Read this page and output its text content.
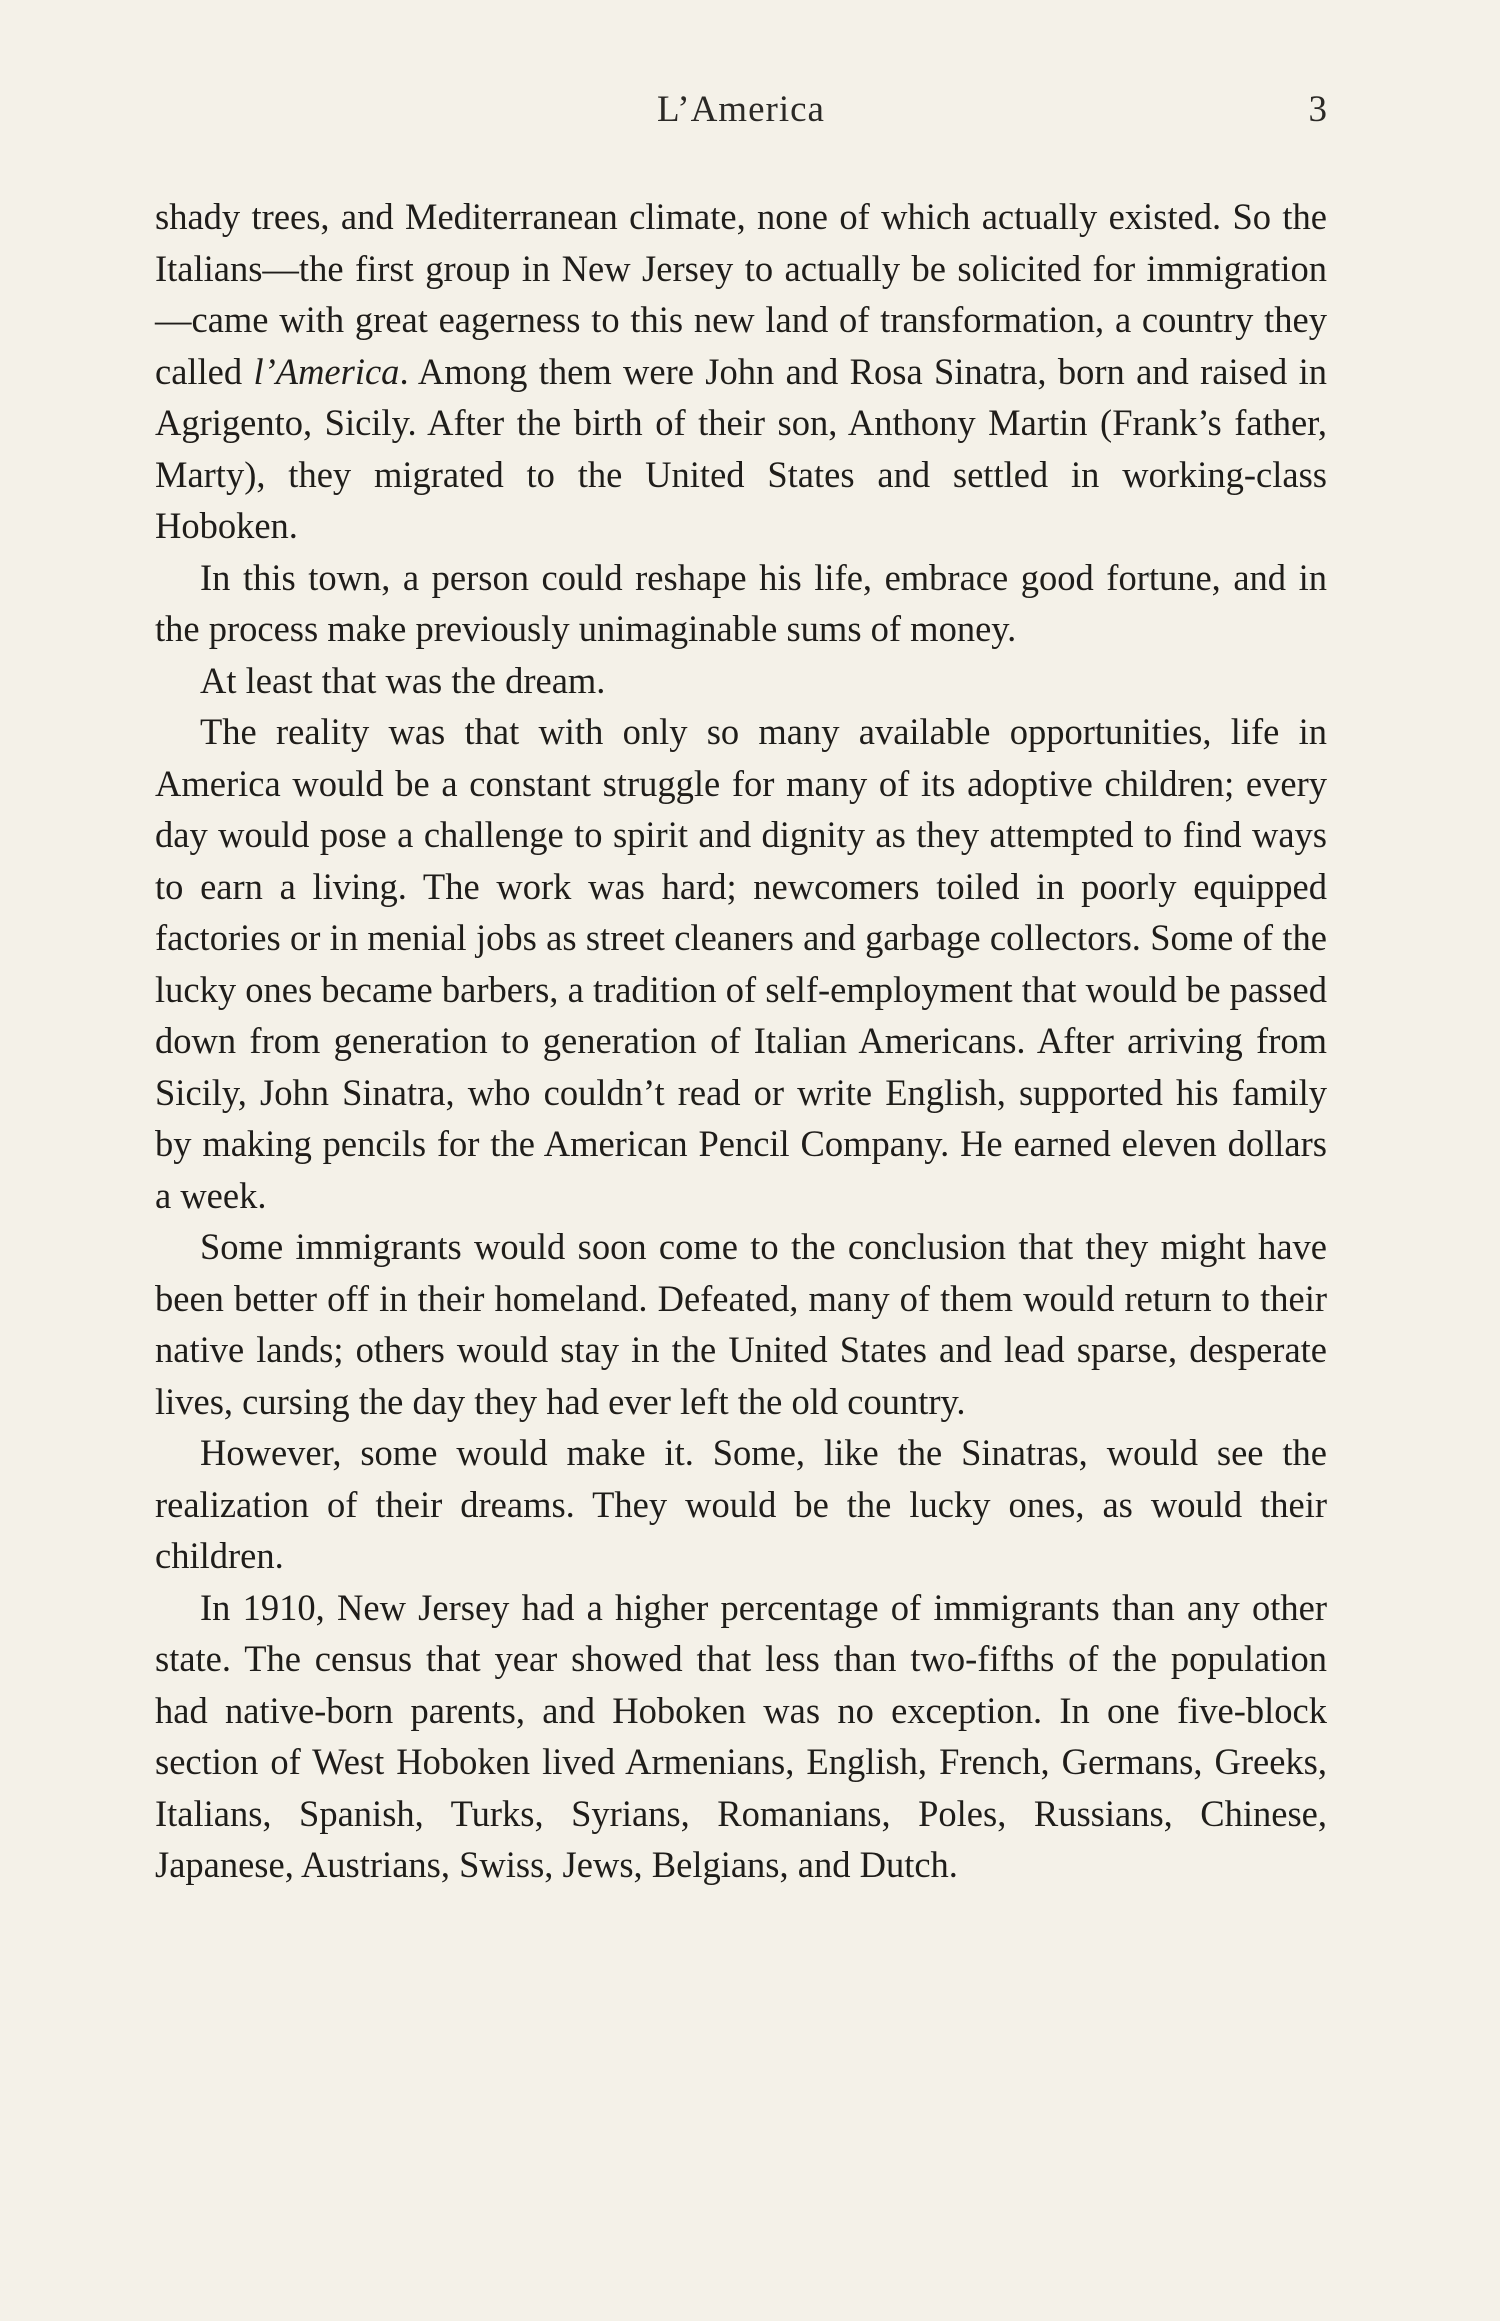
L’America	3

shady trees, and Mediterranean climate, none of which actually existed. So the Italians—the first group in New Jersey to actually be solicited for immigration—came with great eagerness to this new land of transformation, a country they called l’America. Among them were John and Rosa Sinatra, born and raised in Agrigento, Sicily. After the birth of their son, Anthony Martin (Frank’s father, Marty), they migrated to the United States and settled in working-class Hoboken.

In this town, a person could reshape his life, embrace good fortune, and in the process make previously unimaginable sums of money.

At least that was the dream.

The reality was that with only so many available opportunities, life in America would be a constant struggle for many of its adoptive children; every day would pose a challenge to spirit and dignity as they attempted to find ways to earn a living. The work was hard; newcomers toiled in poorly equipped factories or in menial jobs as street cleaners and garbage collectors. Some of the lucky ones became barbers, a tradition of self-employment that would be passed down from generation to generation of Italian Americans. After arriving from Sicily, John Sinatra, who couldn’t read or write English, supported his family by making pencils for the American Pencil Company. He earned eleven dollars a week.

Some immigrants would soon come to the conclusion that they might have been better off in their homeland. Defeated, many of them would return to their native lands; others would stay in the United States and lead sparse, desperate lives, cursing the day they had ever left the old country.

However, some would make it. Some, like the Sinatras, would see the realization of their dreams. They would be the lucky ones, as would their children.

In 1910, New Jersey had a higher percentage of immigrants than any other state. The census that year showed that less than two-fifths of the population had native-born parents, and Hoboken was no exception. In one five-block section of West Hoboken lived Armenians, English, French, Germans, Greeks, Italians, Spanish, Turks, Syrians, Romanians, Poles, Russians, Chinese, Japanese, Austrians, Swiss, Jews, Belgians, and Dutch.
